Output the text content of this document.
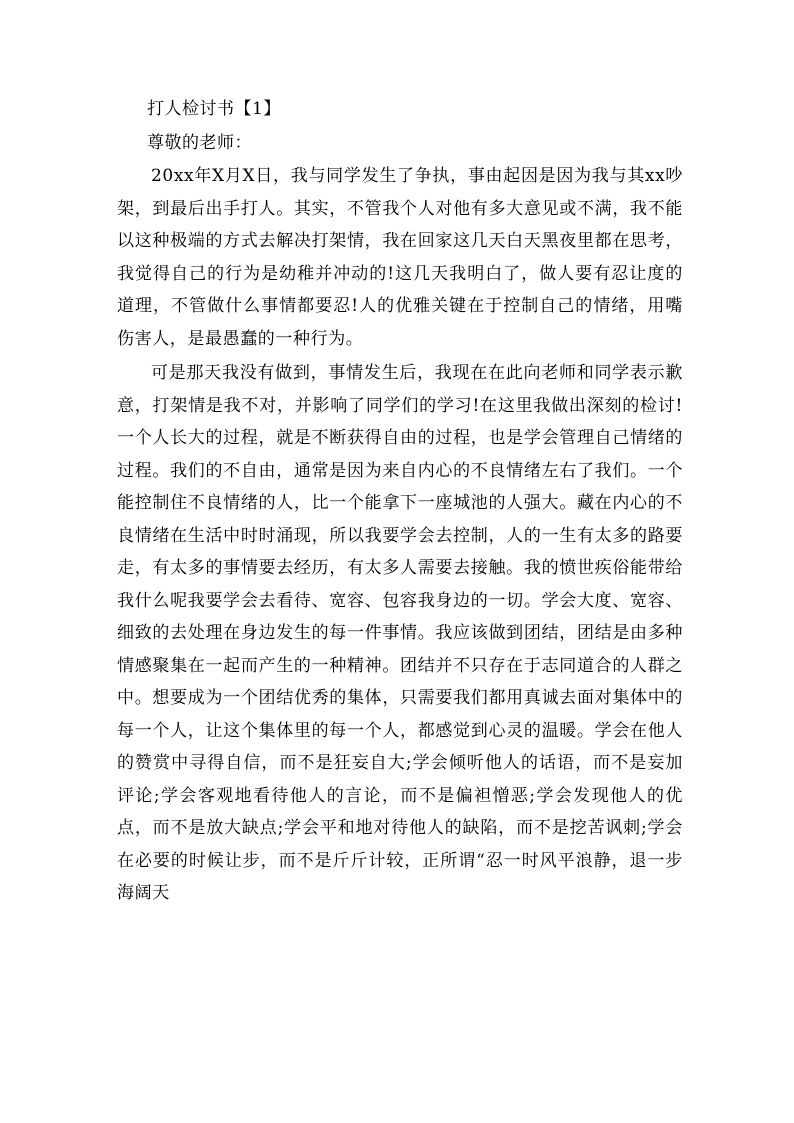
打人检讨书【1】
尊敬的老师：

20xx年X月X日，我与同学发生了争执，事由起因是因为我与其xx吵架，到最后出手打人。其实，不管我个人对他有多大意见或不满，我不能以这种极端的方式去解决打架情，我在回家这几天白天黑夜里都在思考，我觉得自己的行为是幼稚并冲动的!这几天我明白了，做人要有忍让度的道理，不管做什么事情都要忍!人的优雅关键在于控制自己的情绪，用嘴伤害人，是最愚蠢的一种行为。

可是那天我没有做到，事情发生后，我现在在此向老师和同学表示歉意，打架情是我不对，并影响了同学们的学习!在这里我做出深刻的检讨!一个人长大的过程，就是不断获得自由的过程，也是学会管理自己情绪的过程。我们的不自由，通常是因为来自内心的不良情绪左右了我们。一个能控制住不良情绪的人，比一个能拿下一座城池的人强大。藏在内心的不良情绪在生活中时时涌现，所以我要学会去控制，人的一生有太多的路要走，有太多的事情要去经历，有太多人需要去接触。我的愤世疾俗能带给我什么呢我要学会去看待、宽容、包容我身边的一切。学会大度、宽容、细致的去处理在身边发生的每一件事情。我应该做到团结，团结是由多种情感聚集在一起而产生的一种精神。团结并不只存在于志同道合的人群之中。想要成为一个团结优秀的集体，只需要我们都用真诚去面对集体中的每一个人，让这个集体里的每一个人，都感觉到心灵的温暖。学会在他人的赞赏中寻得自信，而不是狂妄自大;学会倾听他人的话语，而不是妄加评论;学会客观地看待他人的言论，而不是偏袒憎恶;学会发现他人的优点，而不是放大缺点;学会平和地对待他人的缺陷，而不是挖苦讽刺;学会在必要的时候让步，而不是斤斤计较，正所谓“忍一时风平浪静，退一步海阔天
